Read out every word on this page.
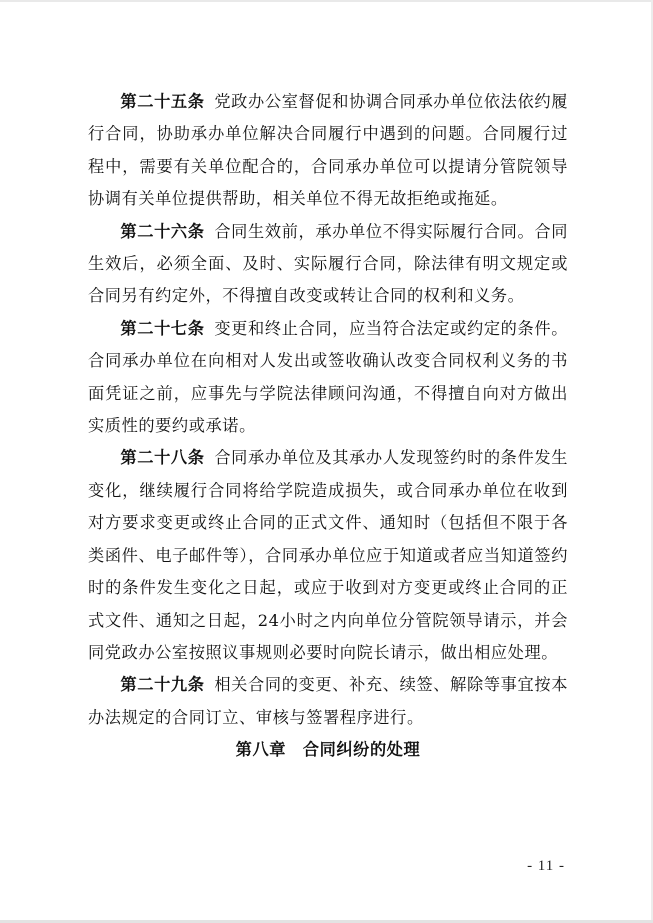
第二十五条 党政办公室督促和协调合同承办单位依法依约履行合同，协助承办单位解决合同履行中遇到的问题。合同履行过程中，需要有关单位配合的，合同承办单位可以提请分管院领导协调有关单位提供帮助，相关单位不得无故拒绝或拖延。

第二十六条 合同生效前，承办单位不得实际履行合同。合同生效后，必须全面、及时、实际履行合同，除法律有明文规定或合同另有约定外，不得擅自改变或转让合同的权利和义务。

第二十七条 变更和终止合同，应当符合法定或约定的条件。合同承办单位在向相对人发出或签收确认改变合同权利义务的书面凭证之前，应事先与学院法律顾问沟通，不得擅自向对方做出实质性的要约或承诺。

第二十八条 合同承办单位及其承办人发现签约时的条件发生变化，继续履行合同将给学院造成损失，或合同承办单位在收到对方要求变更或终止合同的正式文件、通知时（包括但不限于各类函件、电子邮件等），合同承办单位应于知道或者应当知道签约时的条件发生变化之日起，或应于收到对方变更或终止合同的正式文件、通知之日起，24小时之内向单位分管院领导请示，并会同党政办公室按照议事规则必要时向院长请示，做出相应处理。

第二十九条 相关合同的变更、补充、续签、解除等事宜按本办法规定的合同订立、审核与签署程序进行。

第八章　合同纠纷的处理
- 11 -
